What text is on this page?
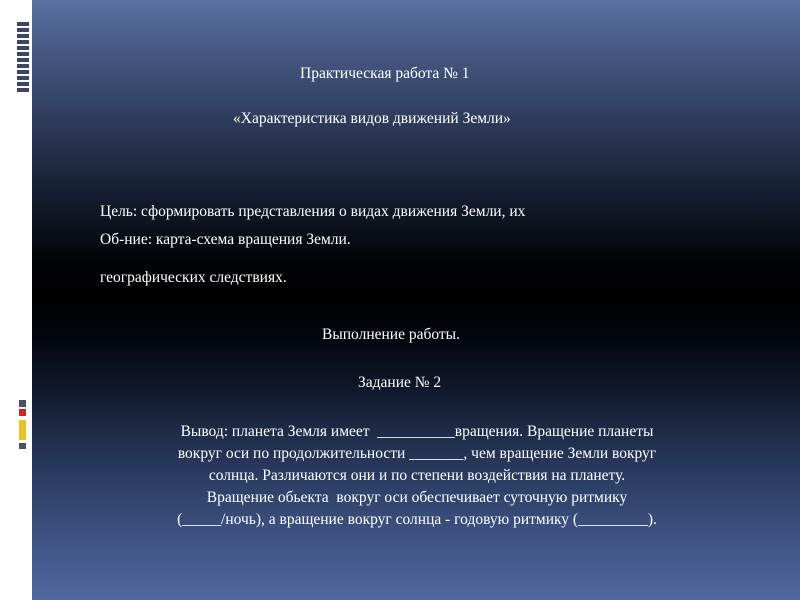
Практическая работа № 1
«Характеристика видов движений Земли»

Цель: сформировать представления о видах движения Земли, их

географических следствиях.

Об-ние: карта-схема вращения Земли.
Выполнение работы.
Задание № 2
Вывод: планета Земля имеет  __________вращения. Вращение планеты
вокруг оси по продолжительности _______, чем вращение Земли вокруг
солнца. Различаются они и по степени воздействия на планету.
Вращение обьекта  вокруг оси обеспечивает суточную ритмику
(_____/ночь), а вращение вокруг солнца - годовую ритмику (_________).
